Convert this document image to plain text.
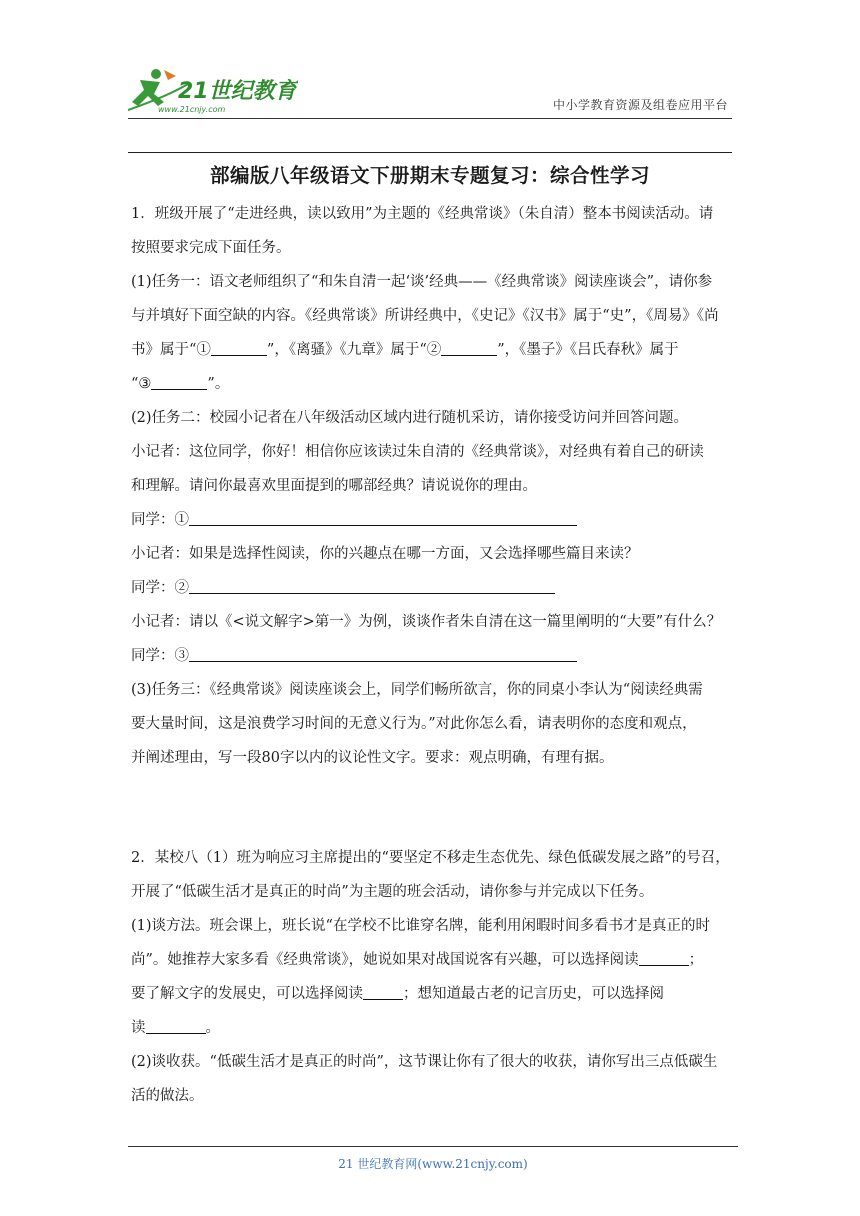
21世纪教育
www.21cnjy.com	中小学教育资源及组卷应用平台
部编版八年级语文下册期末专题复习：综合性学习
1．班级开展了“走进经典，读以致用”为主题的《经典常谈》（朱自清）整本书阅读活动。请
按照要求完成下面任务。
(1)任务一：语文老师组织了“和朱自清一起‘谈’经典——《经典常谈》阅读座谈会”，请你参
与并填好下面空缺的内容。《经典常谈》所讲经典中，《史记》《汉书》属于“史”，《周易》《尚
书》属于“①	”，《离骚》《九章》属于“②	”，《墨子》《吕氏春秋》属于
“③	”。
(2)任务二：校园小记者在八年级活动区域内进行随机采访，请你接受访问并回答问题。
小记者：这位同学，你好！相信你应该读过朱自清的《经典常谈》，对经典有着自己的研读
和理解。请问你最喜欢里面提到的哪部经典？请说说你的理由。
同学：①
小记者：如果是选择性阅读，你的兴趣点在哪一方面，又会选择哪些篇目来读？
同学：②
小记者：请以《<说文解字>第一》为例，谈谈作者朱自清在这一篇里阐明的“大要”有什么？
同学：③
(3)任务三：《经典常谈》阅读座谈会上，同学们畅所欲言，你的同桌小李认为“阅读经典需
要大量时间，这是浪费学习时间的无意义行为。”对此你怎么看，请表明你的态度和观点，
并阐述理由，写一段80字以内的议论性文字。要求：观点明确，有理有据。
2．某校八（1）班为响应习主席提出的“要坚定不移走生态优先、绿色低碳发展之路”的号召，
开展了“低碳生活才是真正的时尚”为主题的班会活动，请你参与并完成以下任务。
(1)谈方法。班会课上，班长说“在学校不比谁穿名牌，能利用闲暇时间多看书才是真正的时
尚”。她推荐大家多看《经典常谈》，她说如果对战国说客有兴趣，可以选择阅读	；
要了解文字的发展史，可以选择阅读	；想知道最古老的记言历史，可以选择阅
读	。
(2)谈收获。“低碳生活才是真正的时尚”，这节课让你有了很大的收获，请你写出三点低碳生
活的做法。
21 世纪教育网(www.21cnjy.com)
